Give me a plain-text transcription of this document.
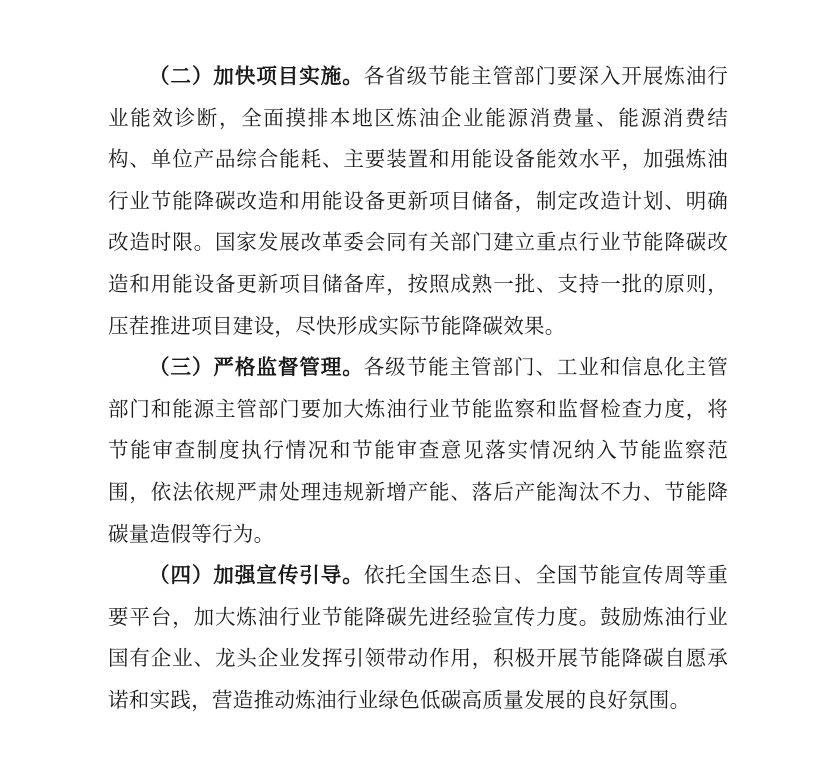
（二）加快项目实施。各省级节能主管部门要深入开展炼油行业能效诊断，全面摸排本地区炼油企业能源消费量、能源消费结构、单位产品综合能耗、主要装置和用能设备能效水平，加强炼油行业节能降碳改造和用能设备更新项目储备，制定改造计划、明确改造时限。国家发展改革委会同有关部门建立重点行业节能降碳改造和用能设备更新项目储备库，按照成熟一批、支持一批的原则，压茬推进项目建设，尽快形成实际节能降碳效果。

（三）严格监督管理。各级节能主管部门、工业和信息化主管部门和能源主管部门要加大炼油行业节能监察和监督检查力度，将节能审查制度执行情况和节能审查意见落实情况纳入节能监察范围，依法依规严肃处理违规新增产能、落后产能淘汰不力、节能降碳量造假等行为。

（四）加强宣传引导。依托全国生态日、全国节能宣传周等重要平台，加大炼油行业节能降碳先进经验宣传力度。鼓励炼油行业国有企业、龙头企业发挥引领带动作用，积极开展节能降碳自愿承诺和实践，营造推动炼油行业绿色低碳高质量发展的良好氛围。
